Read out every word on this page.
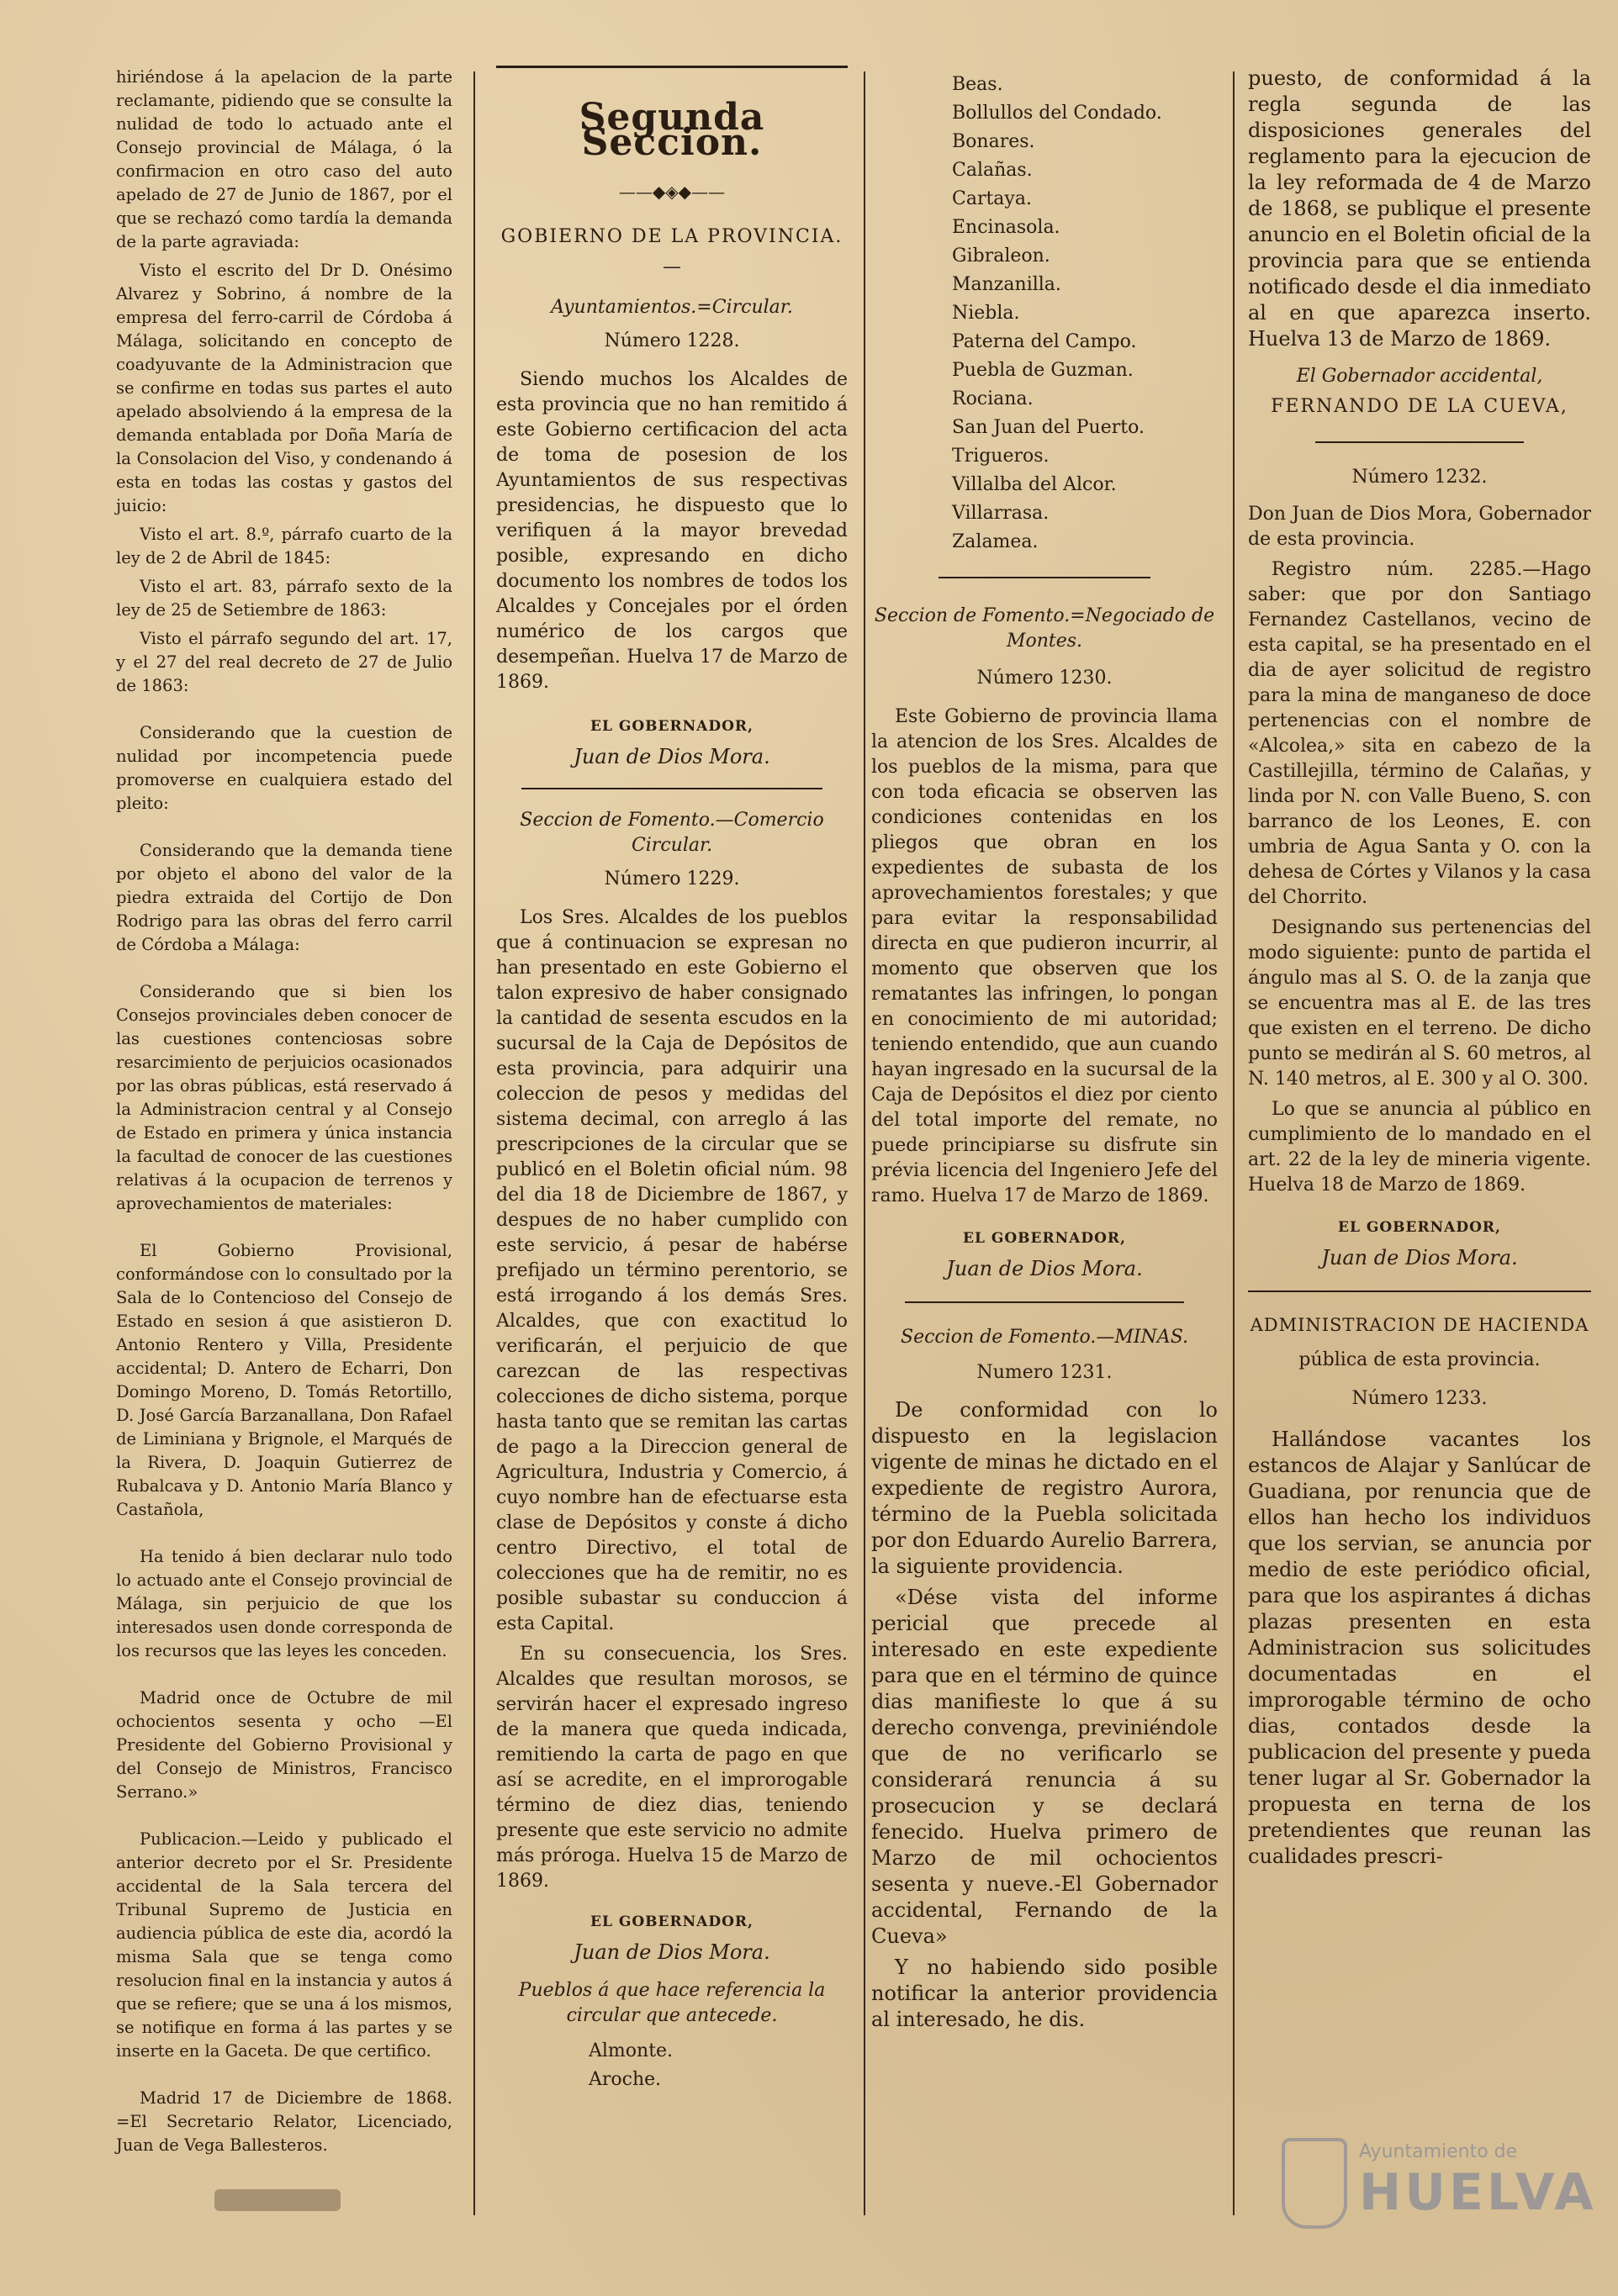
hiriéndose á la apelacion de la parte reclamante, pidiendo que se consulte la nulidad de todo lo actuado ante el Consejo provincial de Málaga, ó la confirmacion en otro caso del auto apelado de 27 de Junio de 1867, por el que se rechazó como tardía la demanda de la parte agraviada:

Visto el escrito del Dr D. Onésimo Alvarez y Sobrino, á nombre de la empresa del ferro-carril de Córdoba á Málaga, solicitando en concepto de coadyuvante de la Administracion que se confirme en todas sus partes el auto apelado absolviendo á la empresa de la demanda entablada por Doña María de la Consolacion del Viso, y condenando á esta en todas las costas y gastos del juicio:

Visto el art. 8.º, párrafo cuarto de la ley de 2 de Abril de 1845:

Visto el art. 83, párrafo sexto de la ley de 25 de Setiembre de 1863:

Visto el párrafo segundo del art. 17, y el 27 del real decreto de 27 de Julio de 1863:

Considerando que la cuestion de nulidad por incompetencia puede promoverse en cualquiera estado del pleito:

Considerando que la demanda tiene por objeto el abono del valor de la piedra extraida del Cortijo de Don Rodrigo para las obras del ferro carril de Córdoba a Málaga:

Considerando que si bien los Consejos provinciales deben conocer de las cuestiones contenciosas sobre resarcimiento de perjuicios ocasionados por las obras públicas, está reservado á la Administracion central y al Consejo de Estado en primera y única instancia la facultad de conocer de las cuestiones relativas á la ocupacion de terrenos y aprovechamientos de materiales:

El Gobierno Provisional, conformándose con lo consultado por la Sala de lo Contencioso del Consejo de Estado en sesion á que asistieron D. Antonio Rentero y Villa, Presidente accidental; D. Antero de Echarri, Don Domingo Moreno, D. Tomás Retortillo, D. José García Barzanallana, Don Rafael de Liminiana y Brignole, el Marqués de la Rivera, D. Joaquin Gutierrez de Rubalcava y D. Antonio María Blanco y Castañola,

Ha tenido á bien declarar nulo todo lo actuado ante el Consejo provincial de Málaga, sin perjuicio de que los interesados usen donde corresponda de los recursos que las leyes les conceden.

Madrid once de Octubre de mil ochocientos sesenta y ocho —El Presidente del Gobierno Provisional y del Consejo de Ministros, Francisco Serrano.»

Publicacion.—Leido y publicado el anterior decreto por el Sr. Presidente accidental de la Sala tercera del Tribunal Supremo de Justicia en audiencia pública de este dia, acordó la misma Sala que se tenga como resolucion final en la instancia y autos á que se refiere; que se una á los mismos, se notifique en forma á las partes y se inserte en la Gaceta. De que certifico.

Madrid 17 de Diciembre de 1868. =El Secretario Relator, Licenciado, Juan de Vega Ballesteros.

Segunda Seccion.
——◆◈◆——

GOBIERNO DE LA PROVINCIA.

—

Ayuntamientos.=Circular.

Número 1228.

Siendo muchos los Alcaldes de esta provincia que no han remitido á este Gobierno certificacion del acta de toma de posesion de los Ayuntamientos de sus respectivas presidencias, he dispuesto que lo verifiquen á la mayor brevedad posible, expresando en dicho documento los nombres de todos los Alcaldes y Concejales por el órden numérico de los cargos que desempeñan. Huelva 17 de Marzo de 1869.

EL GOBERNADOR,

Juan de Dios Mora.

Seccion de Fomento.—Comercio Circular.

Número 1229.

Los Sres. Alcaldes de los pueblos que á continuacion se expresan no han presentado en este Gobierno el talon expresivo de haber consignado la cantidad de sesenta escudos en la sucursal de la Caja de Depósitos de esta provincia, para adquirir una coleccion de pesos y medidas del sistema decimal, con arreglo á las prescripciones de la circular que se publicó en el Boletin oficial núm. 98 del dia 18 de Diciembre de 1867, y despues de no haber cumplido con este servicio, á pesar de habérse prefijado un término perentorio, se está irrogando á los demás Sres. Alcaldes, que con exactitud lo verificarán, el perjuicio de que carezcan de las respectivas colecciones de dicho sistema, porque hasta tanto que se remitan las cartas de pago a la Direccion general de Agricultura, Industria y Comercio, á cuyo nombre han de efectuarse esta clase de Depósitos y conste á dicho centro Directivo, el total de colecciones que ha de remitir, no es posible subastar su conduccion á esta Capital.

En su consecuencia, los Sres. Alcaldes que resultan morosos, se servirán hacer el expresado ingreso de la manera que queda indicada, remitiendo la carta de pago en que así se acredite, en el improrogable término de diez dias, teniendo presente que este servicio no admite más próroga. Huelva 15 de Marzo de 1869.

EL GOBERNADOR,

Juan de Dios Mora.

Pueblos á que hace referencia la circular que antecede.

Almonte.

Aroche.

Beas.

Bollullos del Condado.

Bonares.

Calañas.

Cartaya.

Encinasola.

Gibraleon.

Manzanilla.

Niebla.

Paterna del Campo.

Puebla de Guzman.

Rociana.

San Juan del Puerto.

Trigueros.

Villalba del Alcor.

Villarrasa.

Zalamea.

Seccion de Fomento.=Negociado de Montes.

Número 1230.

Este Gobierno de provincia llama la atencion de los Sres. Alcaldes de los pueblos de la misma, para que con toda eficacia se observen las condiciones contenidas en los pliegos que obran en los expedientes de subasta de los aprovechamientos forestales; y que para evitar la responsabilidad directa en que pudieron incurrir, al momento que observen que los rematantes las infringen, lo pongan en conocimiento de mi autoridad; teniendo entendido, que aun cuando hayan ingresado en la sucursal de la Caja de Depósitos el diez por ciento del total importe del remate, no puede principiarse su disfrute sin prévia licencia del Ingeniero Jefe del ramo. Huelva 17 de Marzo de 1869.

EL GOBERNADOR,

Juan de Dios Mora.

Seccion de Fomento.—MINAS.

Numero 1231.

De conformidad con lo dispuesto en la legislacion vigente de minas he dictado en el expediente de registro Aurora, término de la Puebla solicitada por don Eduardo Aurelio Barrera, la siguiente providencia.

«Dése vista del informe pericial que precede al interesado en este expediente para que en el término de quince dias manifieste lo que á su derecho convenga, previniéndole que de no verificarlo se considerará renuncia á su prosecucion y se declará fenecido. Huelva primero de Marzo de mil ochocientos sesenta y nueve.-El Gobernador accidental, Fernando de la Cueva»

Y no habiendo sido posible notificar la anterior providencia al interesado, he dis.

puesto, de conformidad á la regla segunda de las disposiciones generales del reglamento para la ejecucion de la ley reformada de 4 de Marzo de 1868, se publique el presente anuncio en el Boletin oficial de la provincia para que se entienda notificado desde el dia inmediato al en que aparezca inserto. Huelva 13 de Marzo de 1869.

El Gobernador accidental,

FERNANDO DE LA CUEVA,

Número 1232.

Don Juan de Dios Mora, Gobernador de esta provincia.

Registro núm. 2285.—Hago saber: que por don Santiago Fernandez Castellanos, vecino de esta capital, se ha presentado en el dia de ayer solicitud de registro para la mina de manganeso de doce pertenencias con el nombre de «Alcolea,» sita en cabezo de la Castillejilla, término de Calañas, y linda por N. con Valle Bueno, S. con barranco de los Leones, E. con umbria de Agua Santa y O. con la dehesa de Córtes y Vilanos y la casa del Chorrito.

Designando sus pertenencias del modo siguiente: punto de partida el ángulo mas al S. O. de la zanja que se encuentra mas al E. de las tres que existen en el terreno. De dicho punto se medirán al S. 60 metros, al N. 140 metros, al E. 300 y al O. 300.

Lo que se anuncia al público en cumplimiento de lo mandado en el art. 22 de la ley de mineria vigente. Huelva 18 de Marzo de 1869.

EL GOBERNADOR,

Juan de Dios Mora.

ADMINISTRACION DE HACIENDA

pública de esta provincia.

Número 1233.

Hallándose vacantes los estancos de Alajar y Sanlúcar de Guadiana, por renuncia que de ellos han hecho los individuos que los servian, se anuncia por medio de este periódico oficial, para que los aspirantes á dichas plazas presenten en esta Administracion sus solicitudes documentadas en el improrogable término de ocho dias, contados desde la publicacion del presente y pueda tener lugar al Sr. Gobernador la propuesta en terna de los pretendientes que reunan las cualidades prescri-

Ayuntamiento de
HUELVA
